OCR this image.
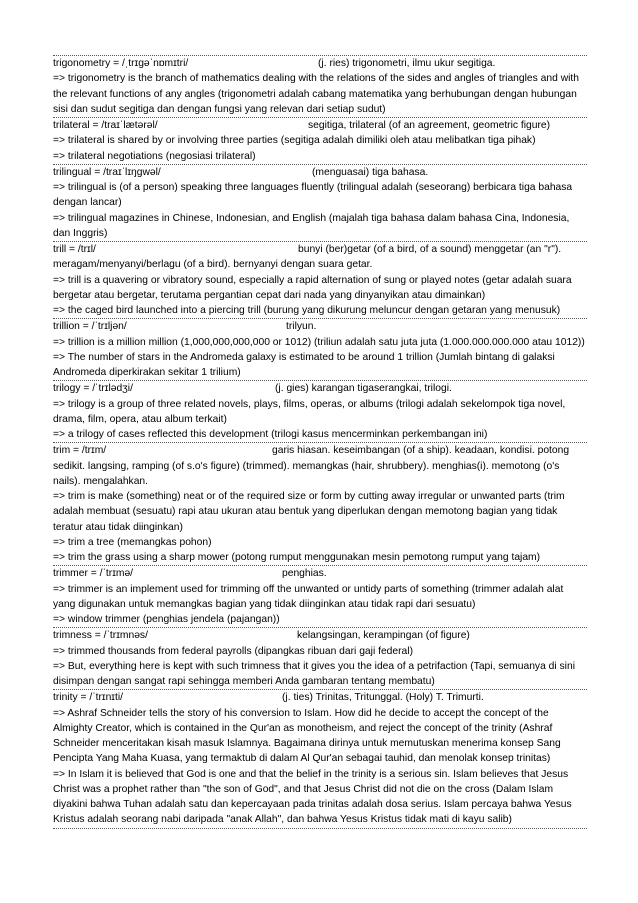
trigonometry = /ˌtrɪɡəˈnɒmɪtri/	(j. ries) trigonometri, ilmu ukur segitiga.
=> trigonometry is the branch of mathematics dealing with the relations of the sides and angles of triangles and with the relevant functions of any angles (trigonometri adalah cabang matematika yang berhubungan dengan hubungan sisi dan sudut segitiga dan dengan fungsi yang relevan dari setiap sudut)
trilateral = /traɪˈlætərəl/	segitiga, trilateral (of an agreement, geometric figure)
=> trilateral is shared by or involving three parties (segitiga adalah dimiliki oleh atau melibatkan tiga pihak)
=> trilateral negotiations (negosiasi trilateral)
trilingual = /traɪˈlɪŋɡwəl/	(menguasai) tiga bahasa.
=> trilingual is (of a person) speaking three languages fluently (trilingual adalah (seseorang) berbicara tiga bahasa dengan lancar)
=> trilingual magazines in Chinese, Indonesian, and English (majalah tiga bahasa dalam bahasa Cina, Indonesia, dan Inggris)
trill = /trɪl/	bunyi (ber)getar (of a bird, of a sound) menggetar (an "r").
meragam/menyanyi/berlagu (of a bird). bernyanyi dengan suara getar.
=> trill is a quavering or vibratory sound, especially a rapid alternation of sung or played notes (getar adalah suara bergetar atau bergetar, terutama pergantian cepat dari nada yang dinyanyikan atau dimainkan)
=> the caged bird launched into a piercing trill (burung yang dikurung meluncur dengan getaran yang menusuk)
trillion = /ˈtrɪljən/	trilyun.
=> trillion is a million million (1,000,000,000,000 or 1012) (triliun adalah satu juta juta (1.000.000.000.000 atau 1012))
=> The number of stars in the Andromeda galaxy is estimated to be around 1 trillion (Jumlah bintang di galaksi Andromeda diperkirakan sekitar 1 trilium)
trilogy = /ˈtrɪlədʒi/	(j. gies) karangan tigaserangkai, trilogi.
=> trilogy is a group of three related novels, plays, films, operas, or albums (trilogi adalah sekelompok tiga novel, drama, film, opera, atau album terkait)
=> a trilogy of cases reflected this development (trilogi kasus mencerminkan perkembangan ini)
trim = /trɪm/	garis hiasan. keseimbangan (of a ship). keadaan, kondisi. potong
sedikit. langsing, ramping (of s.o's figure) (trimmed). memangkas (hair, shrubbery). menghias(i). memotong (o's nails). mengalahkan.
=> trim is make (something) neat or of the required size or form by cutting away irregular or unwanted parts (trim adalah membuat (sesuatu) rapi atau ukuran atau bentuk yang diperlukan dengan memotong bagian yang tidak teratur atau tidak diinginkan)
=> trim a tree (memangkas pohon)
=> trim the grass using a sharp mower (potong rumput menggunakan mesin pemotong rumput yang tajam)
trimmer = /ˈtrɪmə/	penghias.
=> trimmer is an implement used for trimming off the unwanted or untidy parts of something (trimmer adalah alat yang digunakan untuk memangkas bagian yang tidak diinginkan atau tidak rapi dari sesuatu)
=> window trimmer (penghias jendela (pajangan))
trimness = /ˈtrɪmnəs/	kelangsingan, kerampingan (of figure)
=> trimmed thousands from federal payrolls (dipangkas ribuan dari gaji federal)
=> But, everything here is kept with such trimness that it gives you the idea of a petrifaction (Tapi, semuanya di sini disimpan dengan sangat rapi sehingga memberi Anda gambaran tentang membatu)
trinity = /ˈtrɪnɪti/	(j. ties) Trinitas, Tritunggal. (Holy) T. Trimurti.
=> Ashraf Schneider tells the story of his conversion to Islam. How did he decide to accept the concept of the Almighty Creator, which is contained in the Qur'an as monotheism, and reject the concept of the trinity (Ashraf Schneider menceritakan kisah masuk Islamnya. Bagaimana dirinya untuk memutuskan menerima konsep Sang Pencipta Yang Maha Kuasa, yang termaktub di dalam Al Qur'an sebagai tauhid, dan menolak konsep trinitas)
=> In Islam it is believed that God is one and that the belief in the trinity is a serious sin. Islam believes that Jesus Christ was a prophet rather than "the son of God", and that Jesus Christ did not die on the cross (Dalam Islam diyakini bahwa Tuhan adalah satu dan kepercayaan pada trinitas adalah dosa serius. Islam percaya bahwa Yesus Kristus adalah seorang nabi daripada "anak Allah", dan bahwa Yesus Kristus tidak mati di kayu salib)
